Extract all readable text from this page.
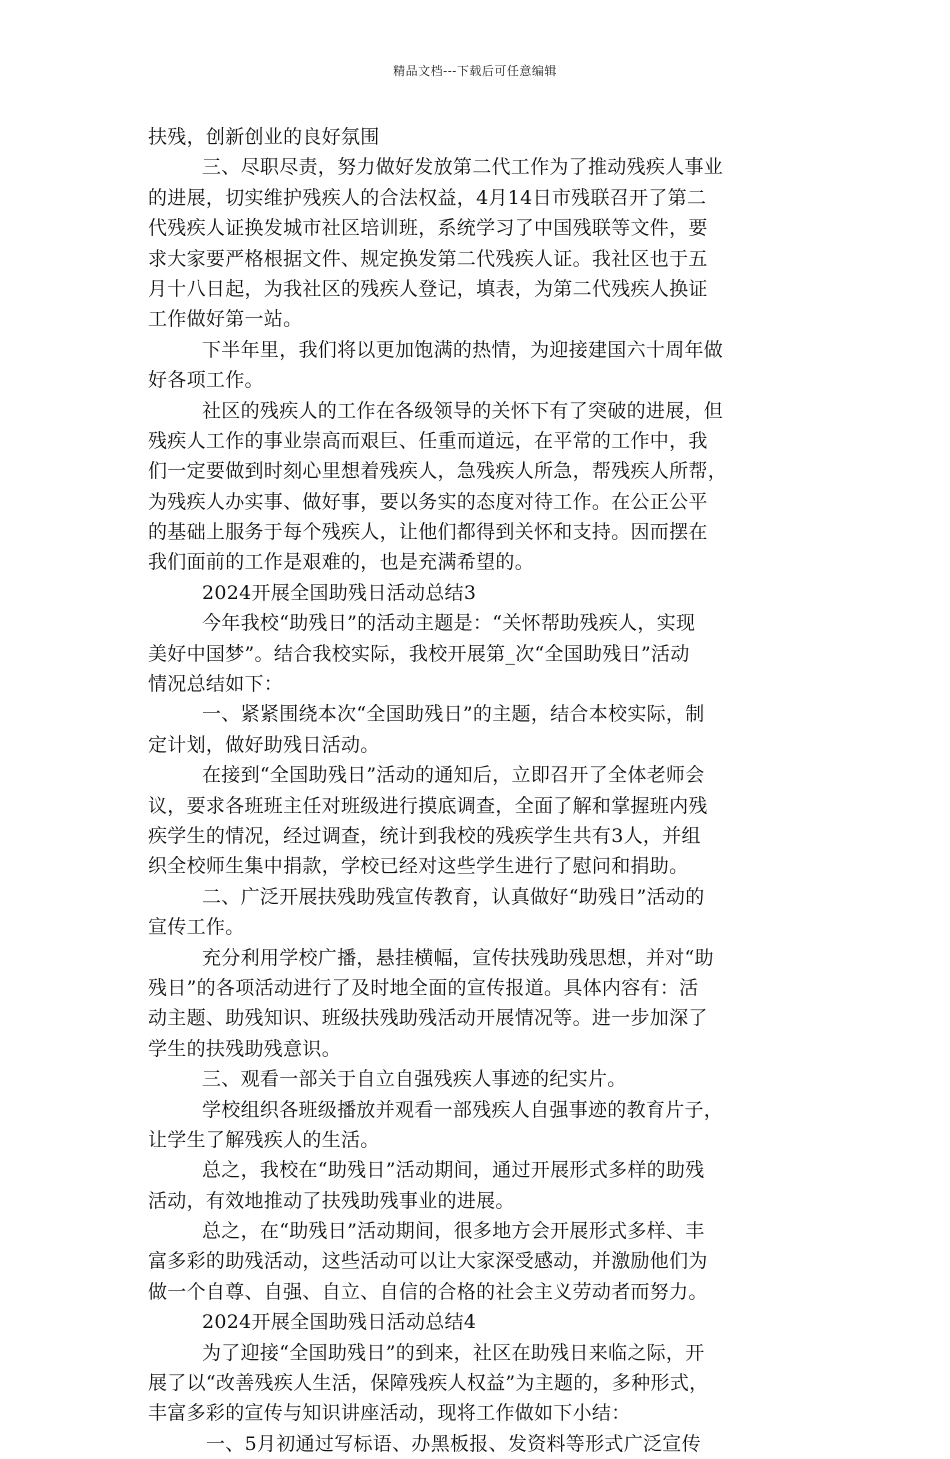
精品文档---下载后可任意编辑
扶残，创新创业的良好氛围
三、尽职尽责，努力做好发放第二代工作为了推动残疾人事业
的进展，切实维护残疾人的合法权益，4月14日市残联召开了第二
代残疾人证换发城市社区培训班，系统学习了中国残联等文件，要
求大家要严格根据文件、规定换发第二代残疾人证。我社区也于五
月十八日起，为我社区的残疾人登记，填表，为第二代残疾人换证
工作做好第一站。
下半年里，我们将以更加饱满的热情，为迎接建国六十周年做
好各项工作。
社区的残疾人的工作在各级领导的关怀下有了突破的进展，但
残疾人工作的事业崇高而艰巨、任重而道远，在平常的工作中，我
们一定要做到时刻心里想着残疾人，急残疾人所急，帮残疾人所帮，
为残疾人办实事、做好事，要以务实的态度对待工作。在公正公平
的基础上服务于每个残疾人，让他们都得到关怀和支持。因而摆在
我们面前的工作是艰难的，也是充满希望的。
2024开展全国助残日活动总结3
今年我校“助残日”的活动主题是：“关怀帮助残疾人，实现
美好中国梦”。结合我校实际，我校开展第_次“全国助残日”活动
情况总结如下：
一、紧紧围绕本次“全国助残日”的主题，结合本校实际，制
定计划，做好助残日活动。
在接到“全国助残日”活动的通知后，立即召开了全体老师会
议，要求各班班主任对班级进行摸底调查，全面了解和掌握班内残
疾学生的情况，经过调查，统计到我校的残疾学生共有3人，并组
织全校师生集中捐款，学校已经对这些学生进行了慰问和捐助。
二、广泛开展扶残助残宣传教育，认真做好“助残日”活动的
宣传工作。
充分利用学校广播，悬挂横幅，宣传扶残助残思想，并对“助
残日”的各项活动进行了及时地全面的宣传报道。具体内容有：活
动主题、助残知识、班级扶残助残活动开展情况等。进一步加深了
学生的扶残助残意识。
三、观看一部关于自立自强残疾人事迹的纪实片。
学校组织各班级播放并观看一部残疾人自强事迹的教育片子，
让学生了解残疾人的生活。
总之，我校在“助残日”活动期间，通过开展形式多样的助残
活动，有效地推动了扶残助残事业的进展。
总之，在“助残日”活动期间，很多地方会开展形式多样、丰
富多彩的助残活动，这些活动可以让大家深受感动，并激励他们为
做一个自尊、自强、自立、自信的合格的社会主义劳动者而努力。
2024开展全国助残日活动总结4
为了迎接“全国助残日”的到来，社区在助残日来临之际，开
展了以“改善残疾人生活，保障残疾人权益”为主题的，多种形式，
丰富多彩的宣传与知识讲座活动，现将工作做如下小结：
一、5月初通过写标语、办黑板报、发资料等形式广泛宣传
